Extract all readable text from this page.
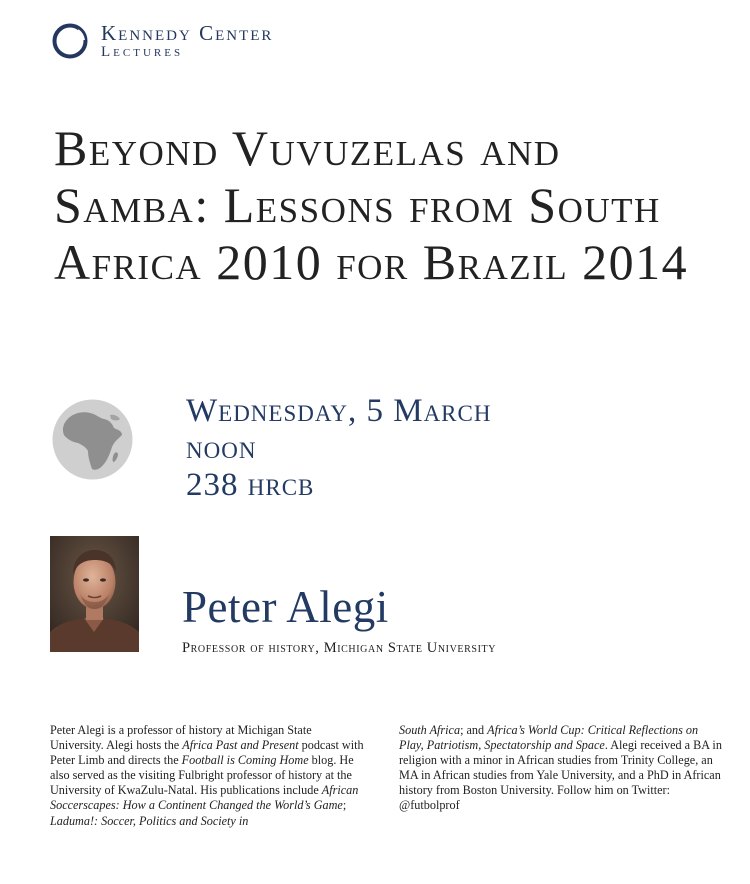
Kennedy Center
Lectures
Beyond Vuvuzelas and Samba: Lessons from South Africa 2010 for Brazil 2014
Wednesday, 5 March
noon
238 hrcb
Peter Alegi
Professor of history, Michigan State University

Peter Alegi is a professor of history at Michigan State University. Alegi hosts the Africa Past and Present podcast with Peter Limb and directs the Football is Coming Home blog. He also served as the visiting Fulbright professor of history at the University of KwaZulu-Natal. His publications include African Soccerscapes: How a Continent Changed the World’s Game; Laduma!: Soccer, Politics and Society in

South Africa; and Africa’s World Cup: Critical Reflections on Play, Patriotism, Spectatorship and Space. Alegi received a BA in religion with a minor in African studies from Trinity College, an MA in African studies from Yale University, and a PhD in African history from Boston University. Follow him on Twitter: @futbolprof
